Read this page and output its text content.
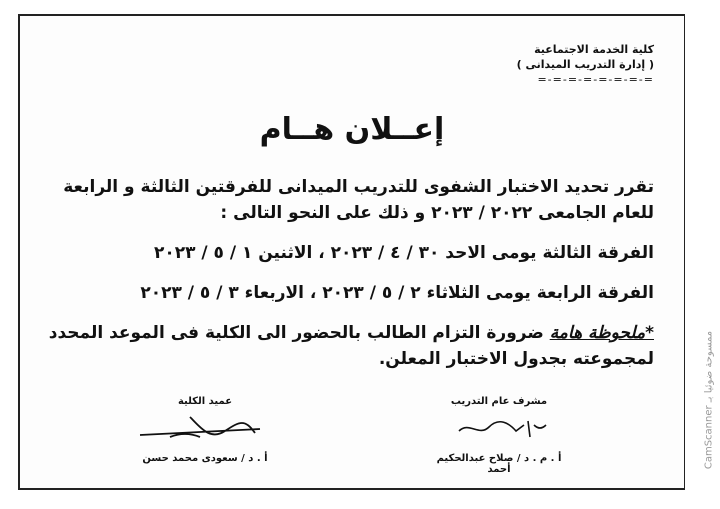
كلية الخدمة الاجتماعية
( إدارة التدريب الميدانى )
=-=-=-=-=-=-=-=
إعــلان هــام

تقرر تحديد الاختبار الشفوى للتدريب الميدانى للفرقتين الثالثة و الرابعة للعام الجامعى ٢٠٢٢ / ٢٠٢٣ و ذلك على النحو التالى :

الفرقة الثالثة يومى الاحد ٣٠ / ٤ / ٢٠٢٣ ، الاثنين ١ / ٥ / ٢٠٢٣

الفرقة الرابعة يومى الثلاثاء ٢ / ٥ / ٢٠٢٣ ، الاربعاء ٣ / ٥ / ٢٠٢٣

*ملحوظة هامة ضرورة التزام الطالب بالحضور الى الكلية فى الموعد المحدد لمجموعته بجدول الاختبار المعلن.

مشرف عام التدريب
أ . م . د / صلاح عبدالحكيم أحمد
عميد الكلية
أ . د / سعودى محمد حسن	CamScanner ممسوحة ضوئيا بـ
